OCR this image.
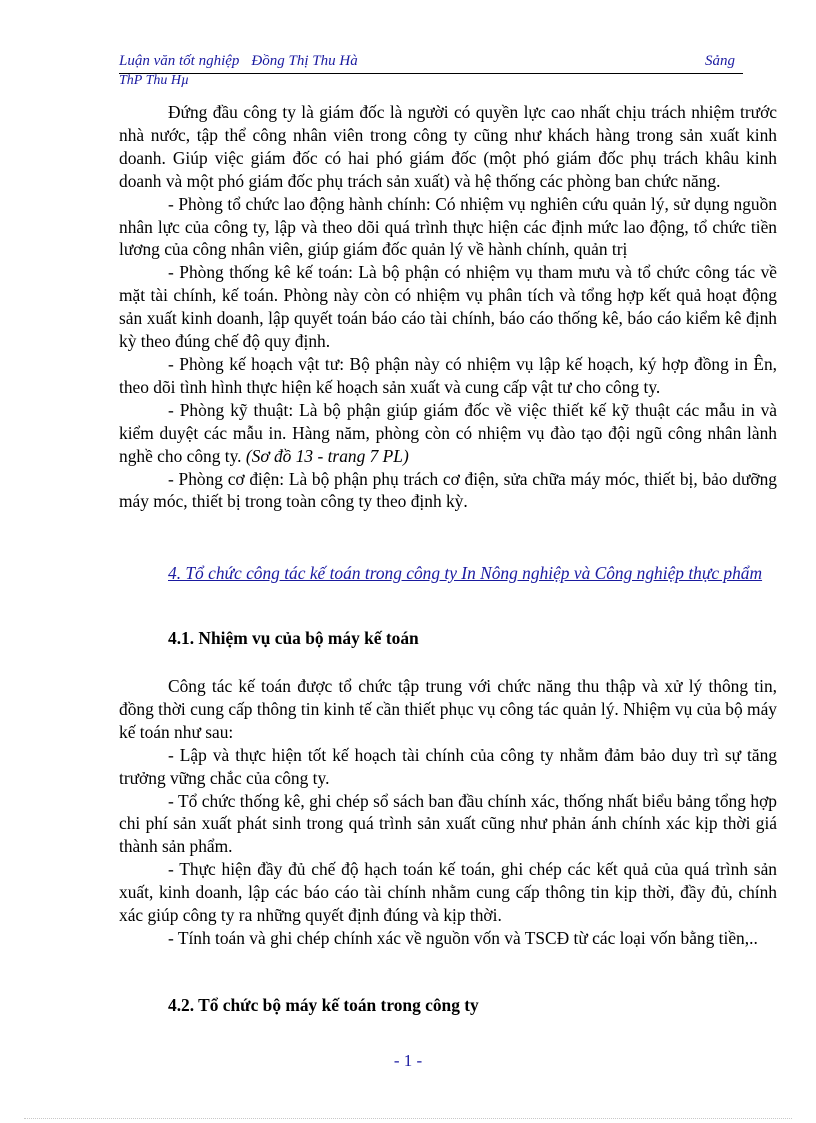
Luận văn tốt nghiệp Đồng Thị Thu Hà	Sảng
ThP Thu Hµ

Đứng đầu công ty là giám đốc là người có quyền lực cao nhất chịu trách nhiệm trước nhà nước, tập thể công nhân viên trong công ty cũng như khách hàng trong sản xuất kinh doanh. Giúp việc giám đốc có hai phó giám đốc (một phó giám đốc phụ trách khâu kinh doanh và một phó giám đốc phụ trách sản xuất) và hệ thống các phòng ban chức năng.

- Phòng tổ chức lao động hành chính: Có nhiệm vụ nghiên cứu quản lý, sử dụng nguồn nhân lực của công ty, lập và theo dõi quá trình thực hiện các định mức lao động, tổ chức tiền lương của công nhân viên, giúp giám đốc quản lý về hành chính, quản trị

- Phòng thống kê kế toán: Là bộ phận có nhiệm vụ tham mưu và tổ chức công tác về mặt tài chính, kế toán. Phòng này còn có nhiệm vụ phân tích và tổng hợp kết quả hoạt động sản xuất kinh doanh, lập quyết toán báo cáo tài chính, báo cáo thống kê, báo cáo kiểm kê định kỳ theo đúng chế độ quy định.

- Phòng kế hoạch vật tư: Bộ phận này có nhiệm vụ lập kế hoạch, ký hợp đồng in Ên, theo dõi tình hình thực hiện kế hoạch sản xuất và cung cấp vật tư cho công ty.

- Phòng kỹ thuật: Là bộ phận giúp giám đốc về việc thiết kế kỹ thuật các mẫu in và kiểm duyệt các mẫu in. Hàng năm, phòng còn có nhiệm vụ đào tạo đội ngũ công nhân lành nghề cho công ty. (Sơ đồ 13 - trang 7 PL)

- Phòng cơ điện: Là bộ phận phụ trách cơ điện, sửa chữa máy móc, thiết bị, bảo dưỡng máy móc, thiết bị trong toàn công ty theo định kỳ.

4. Tổ chức công tác kế toán trong công ty In Nông nghiệp và Công nghiệp thực phẩm
4.1. Nhiệm vụ của bộ máy kế toán

Công tác kế toán được tổ chức tập trung với chức năng thu thập và xử lý thông tin, đồng thời cung cấp thông tin kinh tế cần thiết phục vụ công tác quản lý. Nhiệm vụ của bộ máy kế toán như sau:

- Lập và thực hiện tốt kế hoạch tài chính của công ty nhằm đảm bảo duy trì sự tăng trưởng vững chắc của công ty.

- Tổ chức thống kê, ghi chép sổ sách ban đầu chính xác, thống nhất biểu bảng tổng hợp chi phí sản xuất phát sinh trong quá trình sản xuất cũng như phản ánh chính xác kịp thời giá thành sản phẩm.

- Thực hiện đầy đủ chế độ hạch toán kế toán, ghi chép các kết quả của quá trình sản xuất, kinh doanh, lập các báo cáo tài chính nhằm cung cấp thông tin kịp thời, đầy đủ, chính xác giúp công ty ra những quyết định đúng và kịp thời.

- Tính toán và ghi chép chính xác về nguồn vốn và TSCĐ từ các loại vốn bằng tiền,..

4.2. Tổ chức bộ máy kế toán trong công ty
- 1 -
